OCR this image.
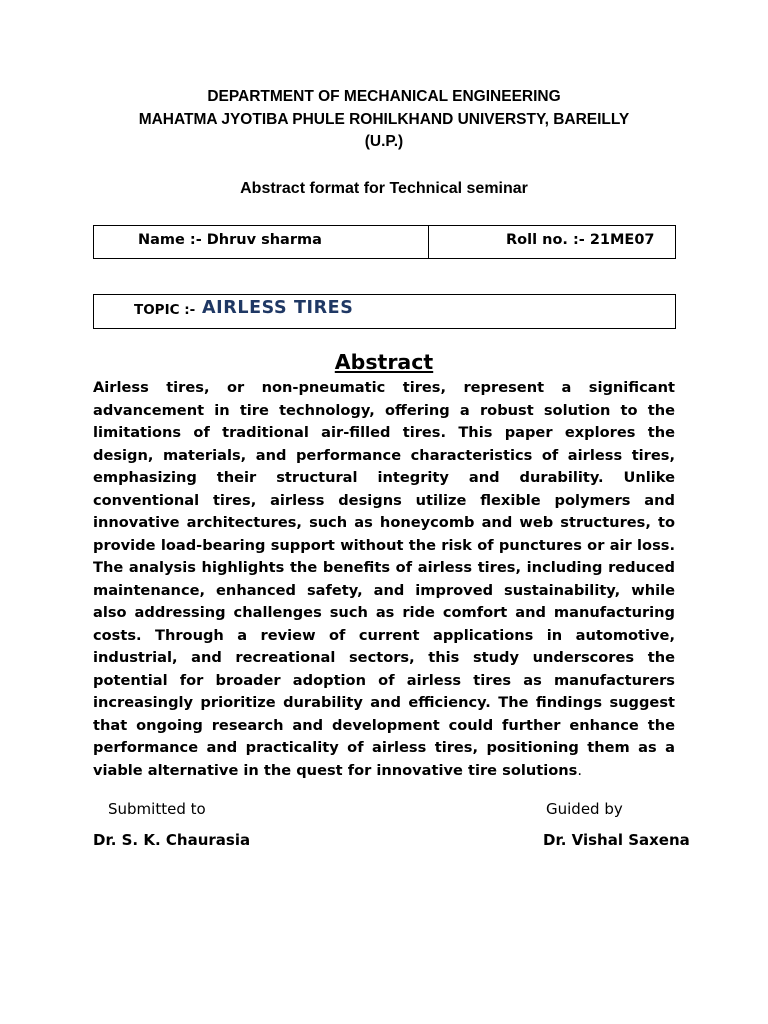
DEPARTMENT OF MECHANICAL ENGINEERING
MAHATMA JYOTIBA PHULE ROHILKHAND UNIVERSTY, BAREILLY
(U.P.)
Abstract format for Technical seminar
Name :- Dhruv sharma	Roll no. :- 21ME07
TOPIC :- AIRLESS TIRES
Abstract
Airless tires, or non-pneumatic tires, represent a significant advancement in tire technology, offering a robust solution to the limitations of traditional air-filled tires. This paper explores the design, materials, and performance characteristics of airless tires, emphasizing their structural integrity and durability. Unlike conventional tires, airless designs utilize flexible polymers and innovative architectures, such as honeycomb and web structures, to provide load-bearing support without the risk of punctures or air loss. The analysis highlights the benefits of airless tires, including reduced maintenance, enhanced safety, and improved sustainability, while also addressing challenges such as ride comfort and manufacturing costs. Through a review of current applications in automotive, industrial, and recreational sectors, this study underscores the potential for broader adoption of airless tires as manufacturers increasingly prioritize durability and efficiency. The findings suggest that ongoing research and development could further enhance the performance and practicality of airless tires, positioning them as a viable alternative in the quest for innovative tire solutions.
Submitted to	Guided by
Dr. S. K. Chaurasia	Dr. Vishal Saxena
